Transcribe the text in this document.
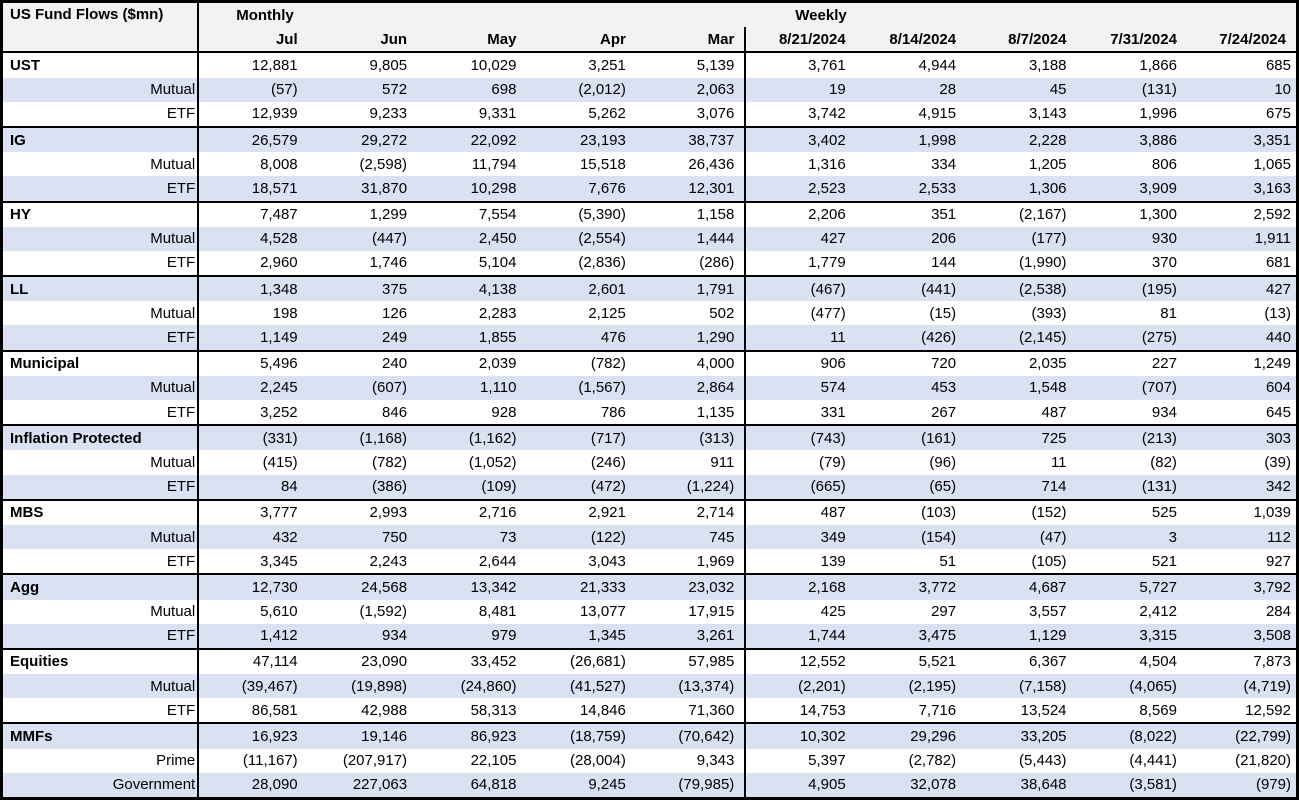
US Fund Flows ($mn)	Monthly					Weekly				
	Jul	Jun	May	Apr	Mar	8/21/2024	8/14/2024	8/7/2024	7/31/2024	7/24/2024
UST	12,881	9,805	10,029	3,251	5,139	3,761	4,944	3,188	1,866	685
Mutual	(57)	572	698	(2,012)	2,063	19	28	45	(131)	10
ETF	12,939	9,233	9,331	5,262	3,076	3,742	4,915	3,143	1,996	675
IG	26,579	29,272	22,092	23,193	38,737	3,402	1,998	2,228	3,886	3,351
Mutual	8,008	(2,598)	11,794	15,518	26,436	1,316	334	1,205	806	1,065
ETF	18,571	31,870	10,298	7,676	12,301	2,523	2,533	1,306	3,909	3,163
HY	7,487	1,299	7,554	(5,390)	1,158	2,206	351	(2,167)	1,300	2,592
Mutual	4,528	(447)	2,450	(2,554)	1,444	427	206	(177)	930	1,911
ETF	2,960	1,746	5,104	(2,836)	(286)	1,779	144	(1,990)	370	681
LL	1,348	375	4,138	2,601	1,791	(467)	(441)	(2,538)	(195)	427
Mutual	198	126	2,283	2,125	502	(477)	(15)	(393)	81	(13)
ETF	1,149	249	1,855	476	1,290	11	(426)	(2,145)	(275)	440
Municipal	5,496	240	2,039	(782)	4,000	906	720	2,035	227	1,249
Mutual	2,245	(607)	1,110	(1,567)	2,864	574	453	1,548	(707)	604
ETF	3,252	846	928	786	1,135	331	267	487	934	645
Inflation Protected	(331)	(1,168)	(1,162)	(717)	(313)	(743)	(161)	725	(213)	303
Mutual	(415)	(782)	(1,052)	(246)	911	(79)	(96)	11	(82)	(39)
ETF	84	(386)	(109)	(472)	(1,224)	(665)	(65)	714	(131)	342
MBS	3,777	2,993	2,716	2,921	2,714	487	(103)	(152)	525	1,039
Mutual	432	750	73	(122)	745	349	(154)	(47)	3	112
ETF	3,345	2,243	2,644	3,043	1,969	139	51	(105)	521	927
Agg	12,730	24,568	13,342	21,333	23,032	2,168	3,772	4,687	5,727	3,792
Mutual	5,610	(1,592)	8,481	13,077	17,915	425	297	3,557	2,412	284
ETF	1,412	934	979	1,345	3,261	1,744	3,475	1,129	3,315	3,508
Equities	47,114	23,090	33,452	(26,681)	57,985	12,552	5,521	6,367	4,504	7,873
Mutual	(39,467)	(19,898)	(24,860)	(41,527)	(13,374)	(2,201)	(2,195)	(7,158)	(4,065)	(4,719)
ETF	86,581	42,988	58,313	14,846	71,360	14,753	7,716	13,524	8,569	12,592
MMFs	16,923	19,146	86,923	(18,759)	(70,642)	10,302	29,296	33,205	(8,022)	(22,799)
Prime	(11,167)	(207,917)	22,105	(28,004)	9,343	5,397	(2,782)	(5,443)	(4,441)	(21,820)
Government	28,090	227,063	64,818	9,245	(79,985)	4,905	32,078	38,648	(3,581)	(979)
